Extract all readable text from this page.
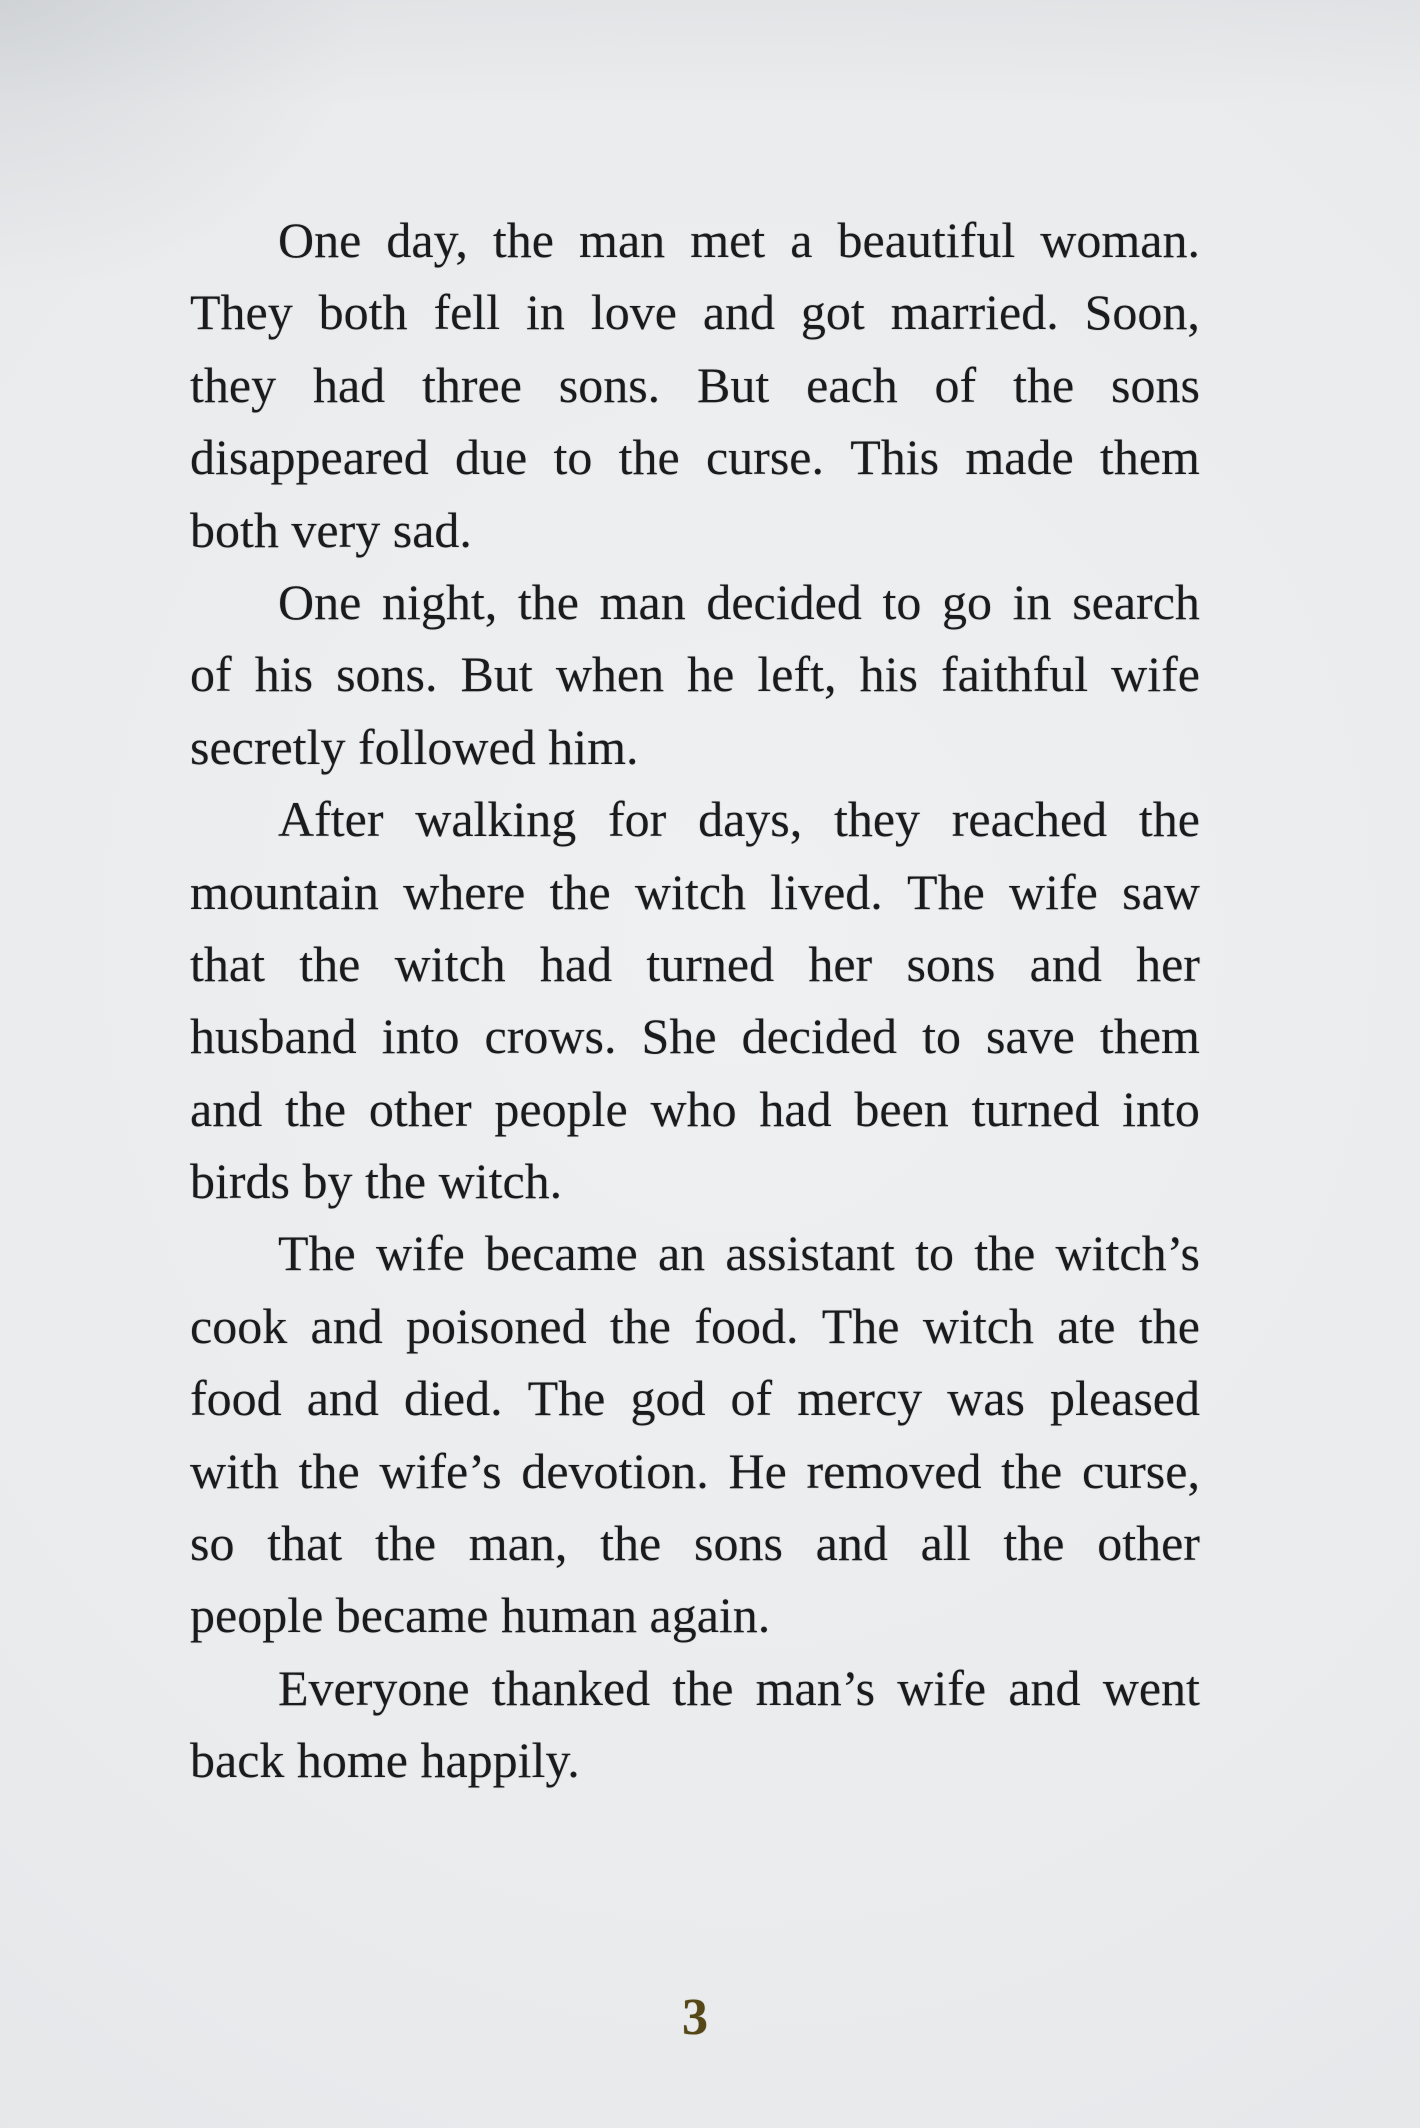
One day, the man met a beautiful woman.
They both fell in love and got married. Soon,
they had three sons. But each of the sons
disappeared due to the curse. This made them
both very sad.
One night, the man decided to go in search
of his sons. But when he left, his faithful wife
secretly followed him.
After walking for days, they reached the
mountain where the witch lived. The wife saw
that the witch had turned her sons and her
husband into crows. She decided to save them
and the other people who had been turned into
birds by the witch.
The wife became an assistant to the witch’s
cook and poisoned the food. The witch ate the
food and died. The god of mercy was pleased
with the wife’s devotion. He removed the curse,
so that the man, the sons and all the other
people became human again.
Everyone thanked the man’s wife and went
back home happily.
3
